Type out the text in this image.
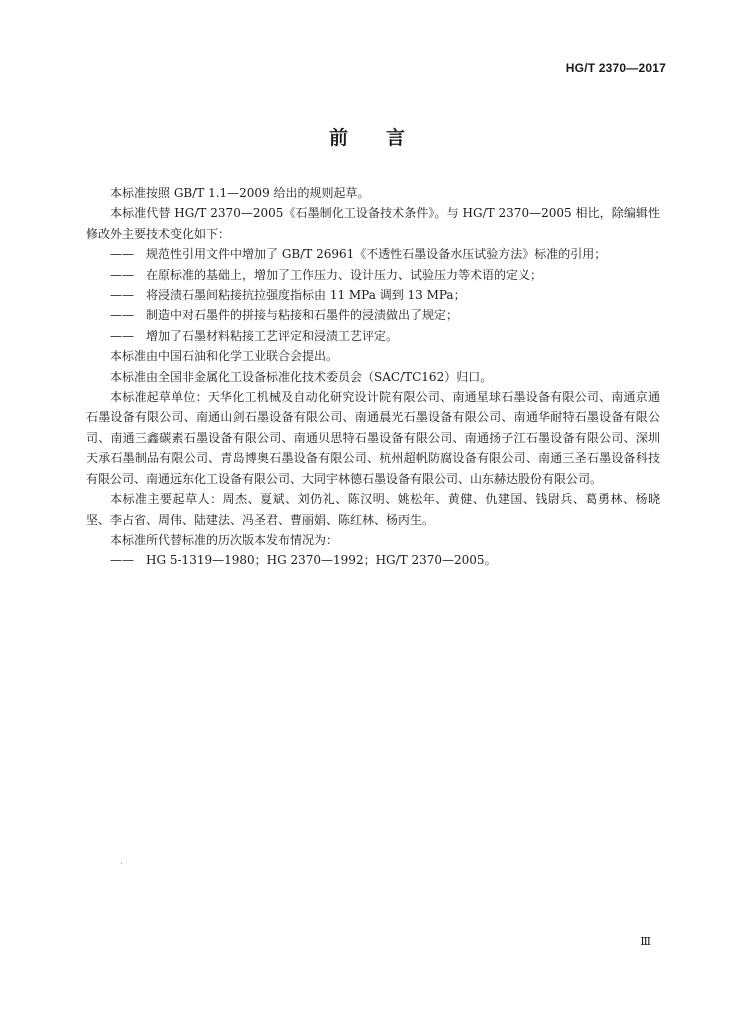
HG/T 2370—2017
前言

本标准按照 GB/T 1.1—2009 给出的规则起草。

本标准代替 HG/T 2370—2005《石墨制化工设备技术条件》。与 HG/T 2370—2005 相比，除编辑性修改外主要技术变化如下：

—— 规范性引用文件中增加了 GB/T 26961《不透性石墨设备水压试验方法》标准的引用；

—— 在原标准的基础上，增加了工作压力、设计压力、试验压力等术语的定义；

—— 将浸渍石墨间粘接抗拉强度指标由 11 MPa 调到 13 MPa；

—— 制造中对石墨件的拼接与粘接和石墨件的浸渍做出了规定；

—— 增加了石墨材料粘接工艺评定和浸渍工艺评定。

本标准由中国石油和化学工业联合会提出。

本标准由全国非金属化工设备标准化技术委员会（SAC/TC162）归口。

本标准起草单位：天华化工机械及自动化研究设计院有限公司、南通星球石墨设备有限公司、南通京通石墨设备有限公司、南通山剑石墨设备有限公司、南通晨光石墨设备有限公司、南通华耐特石墨设备有限公司、南通三鑫碳素石墨设备有限公司、南通贝思特石墨设备有限公司、南通扬子江石墨设备有限公司、深圳天承石墨制品有限公司、青岛博奥石墨设备有限公司、杭州超帆防腐设备有限公司、南通三圣石墨设备科技有限公司、南通远东化工设备有限公司、大同宇林德石墨设备有限公司、山东赫达股份有限公司。

本标准主要起草人：周杰、夏斌、刘仍礼、陈汉明、姚松年、黄健、仇建国、钱尉兵、葛勇林、杨晓坚、李占省、周伟、陆建法、冯圣君、曹丽娟、陈红林、杨丙生。

本标准所代替标准的历次版本发布情况为：

—— HG 5-1319—1980；HG 2370—1992；HG/T 2370—2005。

Ⅲ
